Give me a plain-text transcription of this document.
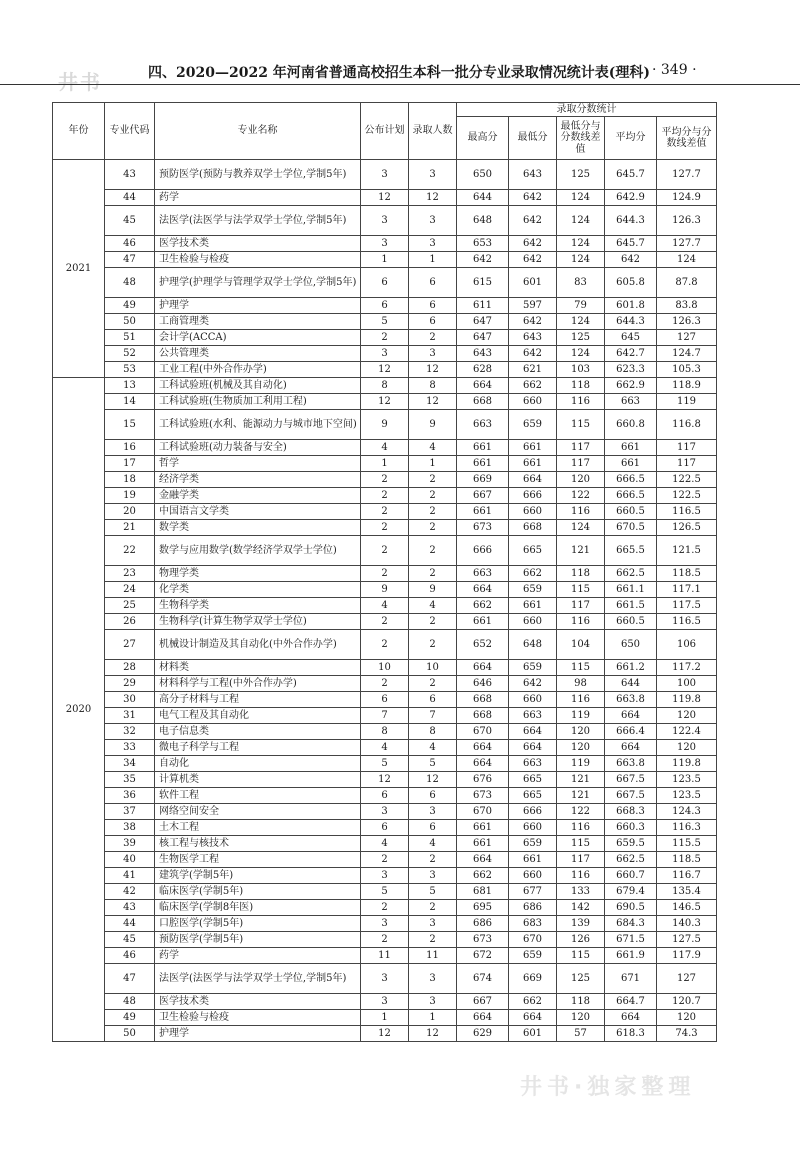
井书	四、2020—2022 年河南省普通高校招生本科一批分专业录取情况统计表(理科) · 349 ·
年份	专业代码	专业名称	公布计划	录取人数	录取分数统计				
					最高分	最低分	最低分与分数线差值	平均分	平均分与分数线差值
2021	43	预防医学(预防与教养双学士学位,学制5年)	3	3	650	643	125	645.7	127.7
	44	药学	12	12	644	642	124	642.9	124.9
	45	法医学(法医学与法学双学士学位,学制5年)	3	3	648	642	124	644.3	126.3
	46	医学技术类	3	3	653	642	124	645.7	127.7
	47	卫生检验与检疫	1	1	642	642	124	642	124
	48	护理学(护理学与管理学双学士学位,学制5年)	6	6	615	601	83	605.8	87.8
	49	护理学	6	6	611	597	79	601.8	83.8
	50	工商管理类	5	6	647	642	124	644.3	126.3
	51	会计学(ACCA)	2	2	647	643	125	645	127
	52	公共管理类	3	3	643	642	124	642.7	124.7
	53	工业工程(中外合作办学)	12	12	628	621	103	623.3	105.3
2020	13	工科试验班(机械及其自动化)	8	8	664	662	118	662.9	118.9
	14	工科试验班(生物质加工利用工程)	12	12	668	660	116	663	119
	15	工科试验班(水利、能源动力与城市地下空间)	9	9	663	659	115	660.8	116.8
	16	工科试验班(动力装备与安全)	4	4	661	661	117	661	117
	17	哲学	1	1	661	661	117	661	117
	18	经济学类	2	2	669	664	120	666.5	122.5
	19	金融学类	2	2	667	666	122	666.5	122.5
	20	中国语言文学类	2	2	661	660	116	660.5	116.5
	21	数学类	2	2	673	668	124	670.5	126.5
	22	数学与应用数学(数学经济学双学士学位)	2	2	666	665	121	665.5	121.5
	23	物理学类	2	2	663	662	118	662.5	118.5
	24	化学类	9	9	664	659	115	661.1	117.1
	25	生物科学类	4	4	662	661	117	661.5	117.5
	26	生物科学(计算生物学双学士学位)	2	2	661	660	116	660.5	116.5
	27	机械设计制造及其自动化(中外合作办学)	2	2	652	648	104	650	106
	28	材料类	10	10	664	659	115	661.2	117.2
	29	材料科学与工程(中外合作办学)	2	2	646	642	98	644	100
	30	高分子材料与工程	6	6	668	660	116	663.8	119.8
	31	电气工程及其自动化	7	7	668	663	119	664	120
	32	电子信息类	8	8	670	664	120	666.4	122.4
	33	微电子科学与工程	4	4	664	664	120	664	120
	34	自动化	5	5	664	663	119	663.8	119.8
	35	计算机类	12	12	676	665	121	667.5	123.5
	36	软件工程	6	6	673	665	121	667.5	123.5
	37	网络空间安全	3	3	670	666	122	668.3	124.3
	38	土木工程	6	6	661	660	116	660.3	116.3
	39	核工程与核技术	4	4	661	659	115	659.5	115.5
	40	生物医学工程	2	2	664	661	117	662.5	118.5
	41	建筑学(学制5年)	3	3	662	660	116	660.7	116.7
	42	临床医学(学制5年)	5	5	681	677	133	679.4	135.4
	43	临床医学(学制8年医)	2	2	695	686	142	690.5	146.5
	44	口腔医学(学制5年)	3	3	686	683	139	684.3	140.3
	45	预防医学(学制5年)	2	2	673	670	126	671.5	127.5
	46	药学	11	11	672	659	115	661.9	117.9
	47	法医学(法医学与法学双学士学位,学制5年)	3	3	674	669	125	671	127
	48	医学技术类	3	3	667	662	118	664.7	120.7
	49	卫生检验与检疫	1	1	664	664	120	664	120
	50	护理学	12	12	629	601	57	618.3	74.3
井书·独家整理
